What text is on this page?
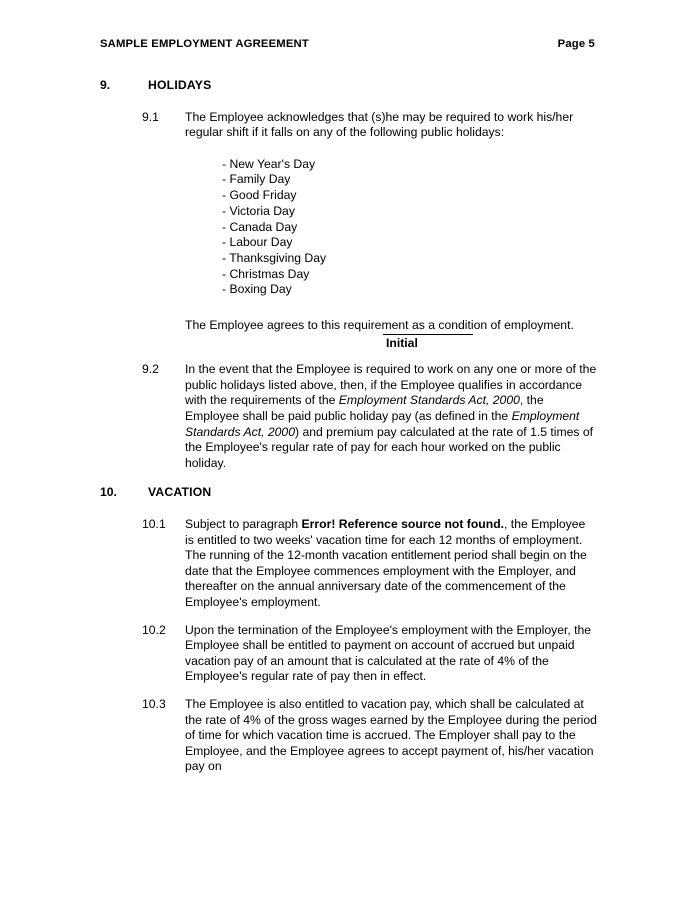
SAMPLE EMPLOYMENT AGREEMENT	Page 5
9.	HOLIDAYS
9.1	The Employee acknowledges that (s)he may be required to work his/her regular shift if it falls on any of the following public holidays:
- New Year's Day
- Family Day
- Good Friday
- Victoria Day
- Canada Day
- Labour Day
- Thanksgiving Day
- Christmas Day
- Boxing Day
The Employee agrees to this requirement as a condition of employment.
Initial
9.2	In the event that the Employee is required to work on any one or more of the public holidays listed above, then, if the Employee qualifies in accordance with the requirements of the Employment Standards Act, 2000, the Employee shall be paid public holiday pay (as defined in the Employment Standards Act, 2000) and premium pay calculated at the rate of 1.5 times of the Employee's regular rate of pay for each hour worked on the public holiday.
10.	VACATION
10.1	Subject to paragraph Error! Reference source not found., the Employee is entitled to two weeks' vacation time for each 12 months of employment. The running of the 12-month vacation entitlement period shall begin on the date that the Employee commences employment with the Employer, and thereafter on the annual anniversary date of the commencement of the Employee's employment.
10.2	Upon the termination of the Employee's employment with the Employer, the Employee shall be entitled to payment on account of accrued but unpaid vacation pay of an amount that is calculated at the rate of 4% of the Employee's regular rate of pay then in effect.
10.3	The Employee is also entitled to vacation pay, which shall be calculated at the rate of 4% of the gross wages earned by the Employee during the period of time for which vacation time is accrued. The Employer shall pay to the Employee, and the Employee agrees to accept payment of, his/her vacation pay on
